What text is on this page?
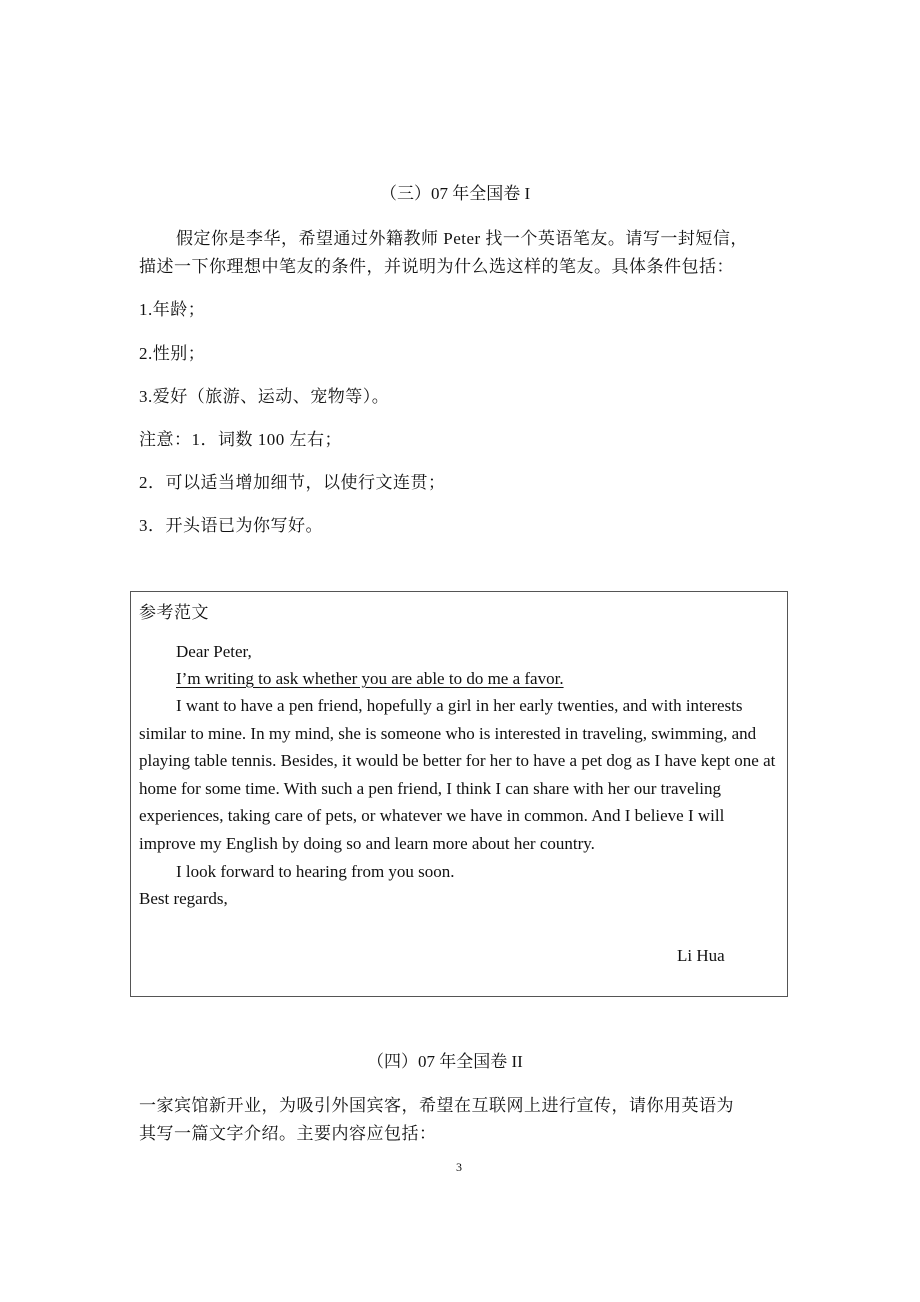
（三）07 年全国卷 I
假定你是李华，希望通过外籍教师 Peter 找一个英语笔友。请写一封短信，
描述一下你理想中笔友的条件，并说明为什么选这样的笔友。具体条件包括：
1.年龄；
2.性别；
3.爱好（旅游、运动、宠物等）。
注意：1．词数 100 左右；
2．可以适当增加细节，以使行文连贯；
3．开头语已为你写好。
参考范文
Dear Peter,
I’m writing to ask whether you are able to do me a favor.

I want to have a pen friend, hopefully a girl in her early twenties, and with interests similar to mine. In my mind, she is someone who is interested in traveling, swimming, and playing table tennis. Besides, it would be better for her to have a pet dog as I have kept one at home for some time. With such a pen friend, I think I can share with her our traveling experiences, taking care of pets, or whatever we have in common. And I believe I will improve my English by doing so and learn more about her country.

I look forward to hearing from you soon.

Best regards,

Li Hua
（四）07 年全国卷 II
一家宾馆新开业，为吸引外国宾客，希望在互联网上进行宣传，请你用英语为
其写一篇文字介绍。主要内容应包括：
3
